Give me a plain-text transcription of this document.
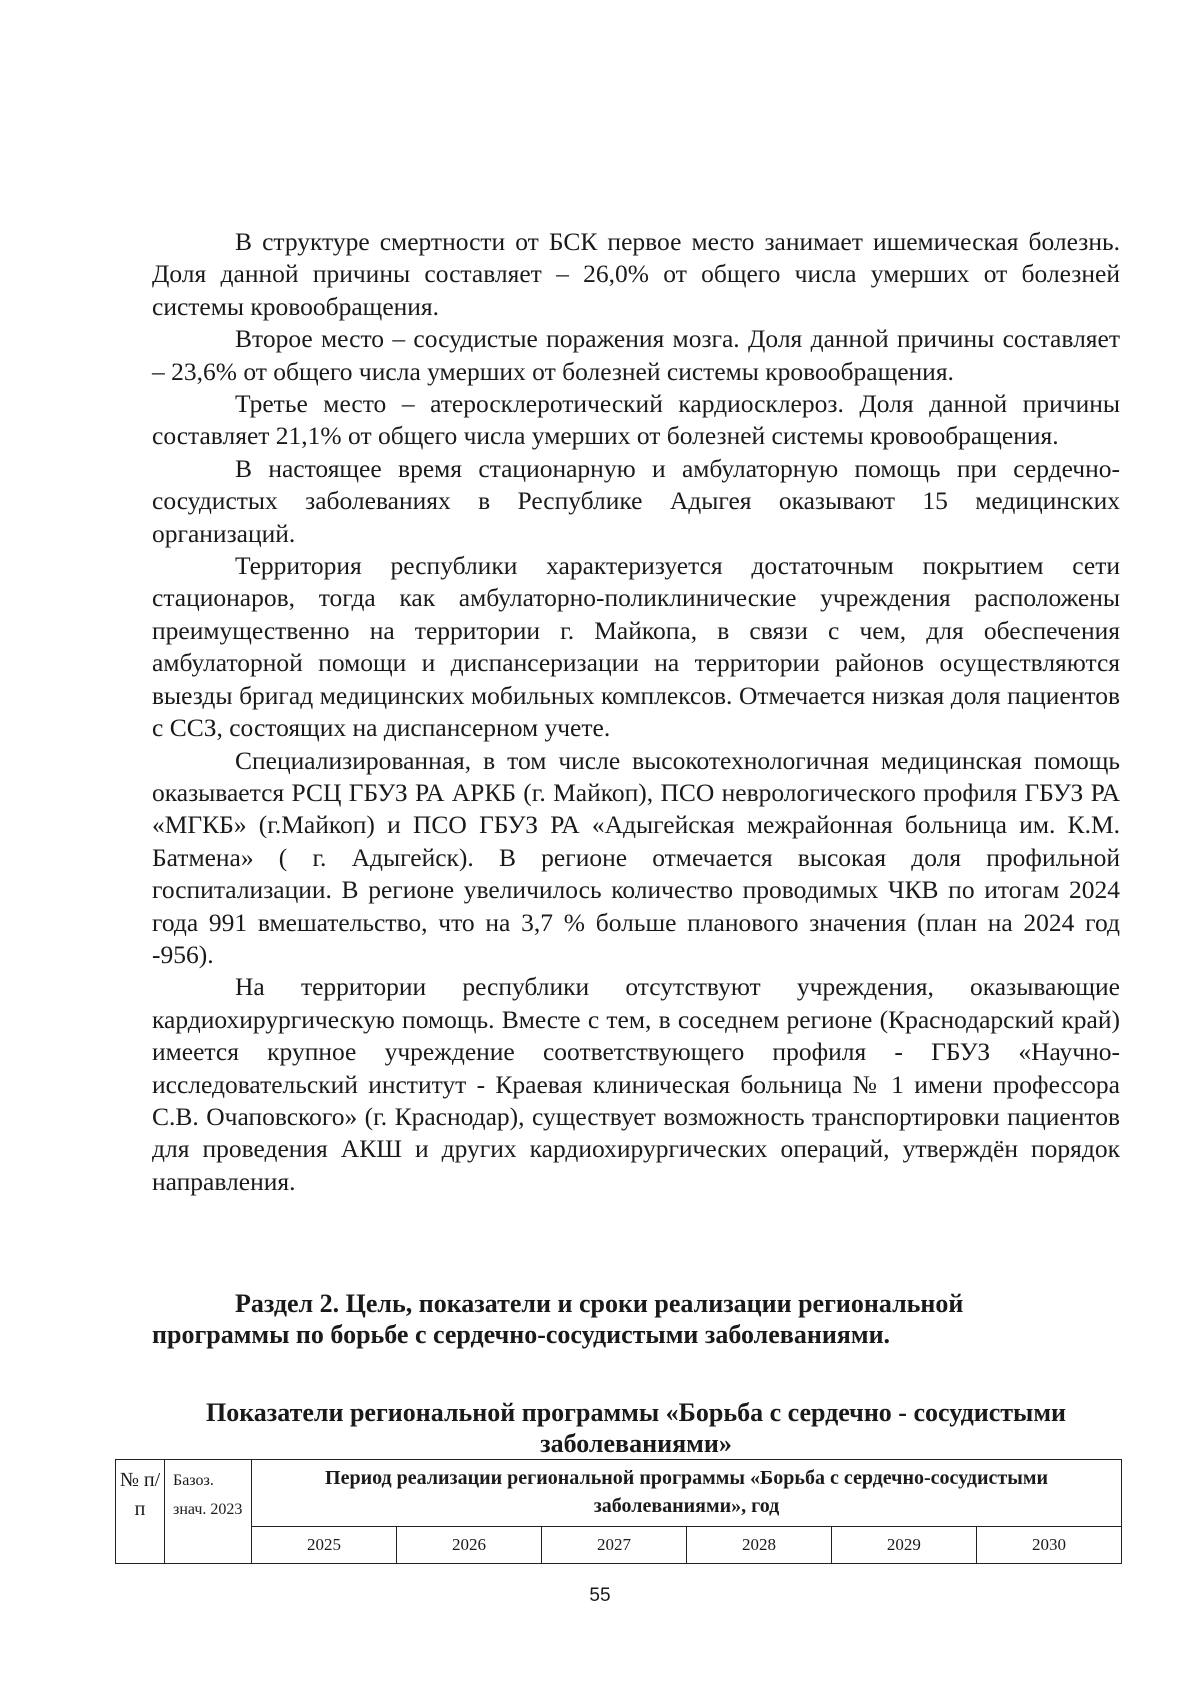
В структуре смертности от БСК первое место занимает ишемическая болезнь. Доля данной причины составляет – 26,0% от общего числа умерших от болезней системы кровообращения.

Второе место – сосудистые поражения мозга. Доля данной причины составляет – 23,6% от общего числа умерших от болезней системы кровообращения.

Третье место – атеросклеротический кардиосклероз. Доля данной причины составляет 21,1% от общего числа умерших от болезней системы кровообращения.

В настоящее время стационарную и амбулаторную помощь при сердечно-сосудистых заболеваниях в Республике Адыгея оказывают 15 медицинских организаций.

Территория республики характеризуется достаточным покрытием сети стационаров, тогда как амбулаторно-поликлинические учреждения расположены преимущественно на территории г. Майкопа, в связи с чем, для обеспечения амбулаторной помощи и диспансеризации на территории районов осуществляются выезды бригад медицинских мобильных комплексов. Отмечается низкая доля пациентов с ССЗ, состоящих на диспансерном учете.

Специализированная, в том числе высокотехнологичная медицинская помощь оказывается РСЦ ГБУЗ РА АРКБ (г. Майкоп), ПСО неврологического профиля ГБУЗ РА «МГКБ» (г.Майкоп) и ПСО ГБУЗ РА «Адыгейская межрайонная больница им. К.М. Батмена» ( г. Адыгейск). В регионе отмечается высокая доля профильной госпитализации. В регионе увеличилось количество проводимых ЧКВ по итогам 2024 года 991 вмешательство, что на 3,7 % больше планового значения (план на 2024 год -956).

На территории республики отсутствуют учреждения, оказывающие кардиохирургическую помощь. Вместе с тем, в соседнем регионе (Краснодарский край) имеется крупное учреждение соответствующего профиля - ГБУЗ «Научно-исследовательский институт - Краевая клиническая больница № 1 имени профессора С.В. Очаповского» (г. Краснодар), существует возможность транспортировки пациентов для проведения АКШ и других кардиохирургических операций, утверждён порядок направления.

Раздел 2. Цель, показатели и сроки реализации региональной программы по борьбе с сердечно-сосудистыми заболеваниями.
Показатели региональной программы «Борьба с сердечно - сосудистыми заболеваниями»
№ п/п	Базоз. знач. 2023	Период реализации региональной программы «Борьба с сердечно-сосудистыми заболеваниями», год					
		2025	2026	2027	2028	2029	2030
55
